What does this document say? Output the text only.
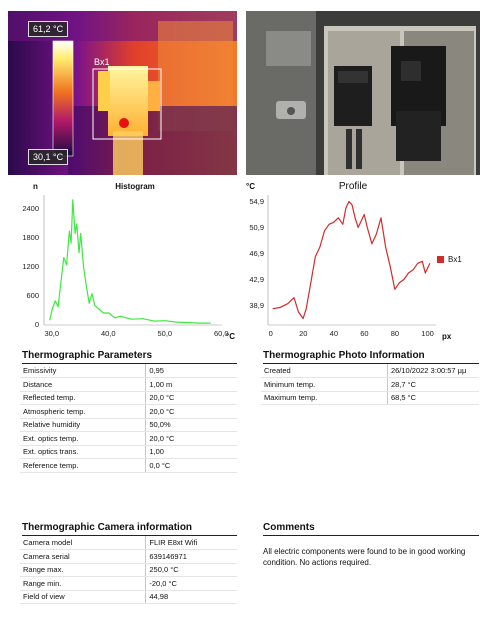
61,2 °C
30,1 °C
Bx1
n	Histogram
°C
2400
1800
1200
600
0
30,0	40,0	50,0	60,0
°C	Profile
px
Bx1
54,9
50,9
46,9
42,9
38,9
0	20	40	60	80	100
Thermographic Parameters
Emissivity	0,95
Distance	1,00 m
Reflected temp.	20,0 °C
Atmospheric temp.	20,0 °C
Relative humidity	50,0%
Ext. optics temp.	20,0 °C
Ext. optics trans.	1,00
Reference temp.	0,0 °C
Thermographic Photo Information
Created	26/10/2022 3:00:57 μμ
Minimum temp.	28,7 °C
Maximum temp.	68,5 °C
Thermographic Camera information
Camera model	FLIR E8xt Wifi
Camera serial	639146971
Range max.	250,0 °C
Range min.	-20,0 °C
Field of view	44,98
Comments
All electric components were found to be in good working condition. No actions required.
